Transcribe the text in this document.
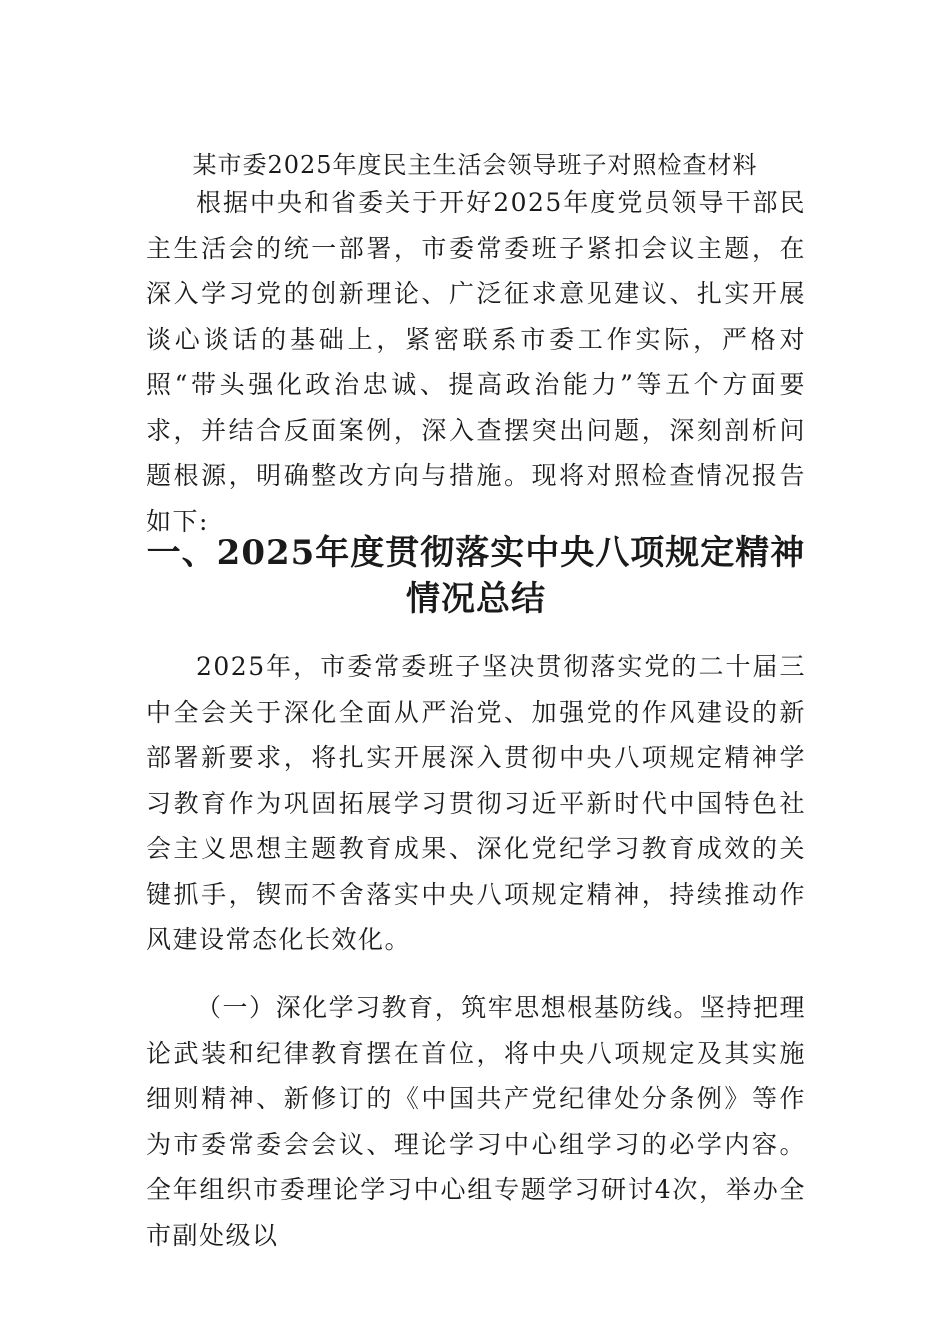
某市委2025年度民主生活会领导班子对照检查材料

根据中央和省委关于开好2025年度党员领导干部民主生活会的统一部署，市委常委班子紧扣会议主题，在深入学习党的创新理论、广泛征求意见建议、扎实开展谈心谈话的基础上，紧密联系市委工作实际，严格对照“带头强化政治忠诚、提高政治能力”等五个方面要求，并结合反面案例，深入查摆突出问题，深刻剖析问题根源，明确整改方向与措施。现将对照检查情况报告如下:

一、2025年度贯彻落实中央八项规定精神
情况总结

2025年，市委常委班子坚决贯彻落实党的二十届三中全会关于深化全面从严治党、加强党的作风建设的新部署新要求，将扎实开展深入贯彻中央八项规定精神学习教育作为巩固拓展学习贯彻习近平新时代中国特色社会主义思想主题教育成果、深化党纪学习教育成效的关键抓手，锲而不舍落实中央八项规定精神，持续推动作风建设常态化长效化。

（一）深化学习教育，筑牢思想根基防线。坚持把理论武装和纪律教育摆在首位，将中央八项规定及其实施细则精神、新修订的《中国共产党纪律处分条例》等作为市委常委会会议、理论学习中心组学习的必学内容。全年组织市委理论学习中心组专题学习研讨4次，举办全市副处级以
